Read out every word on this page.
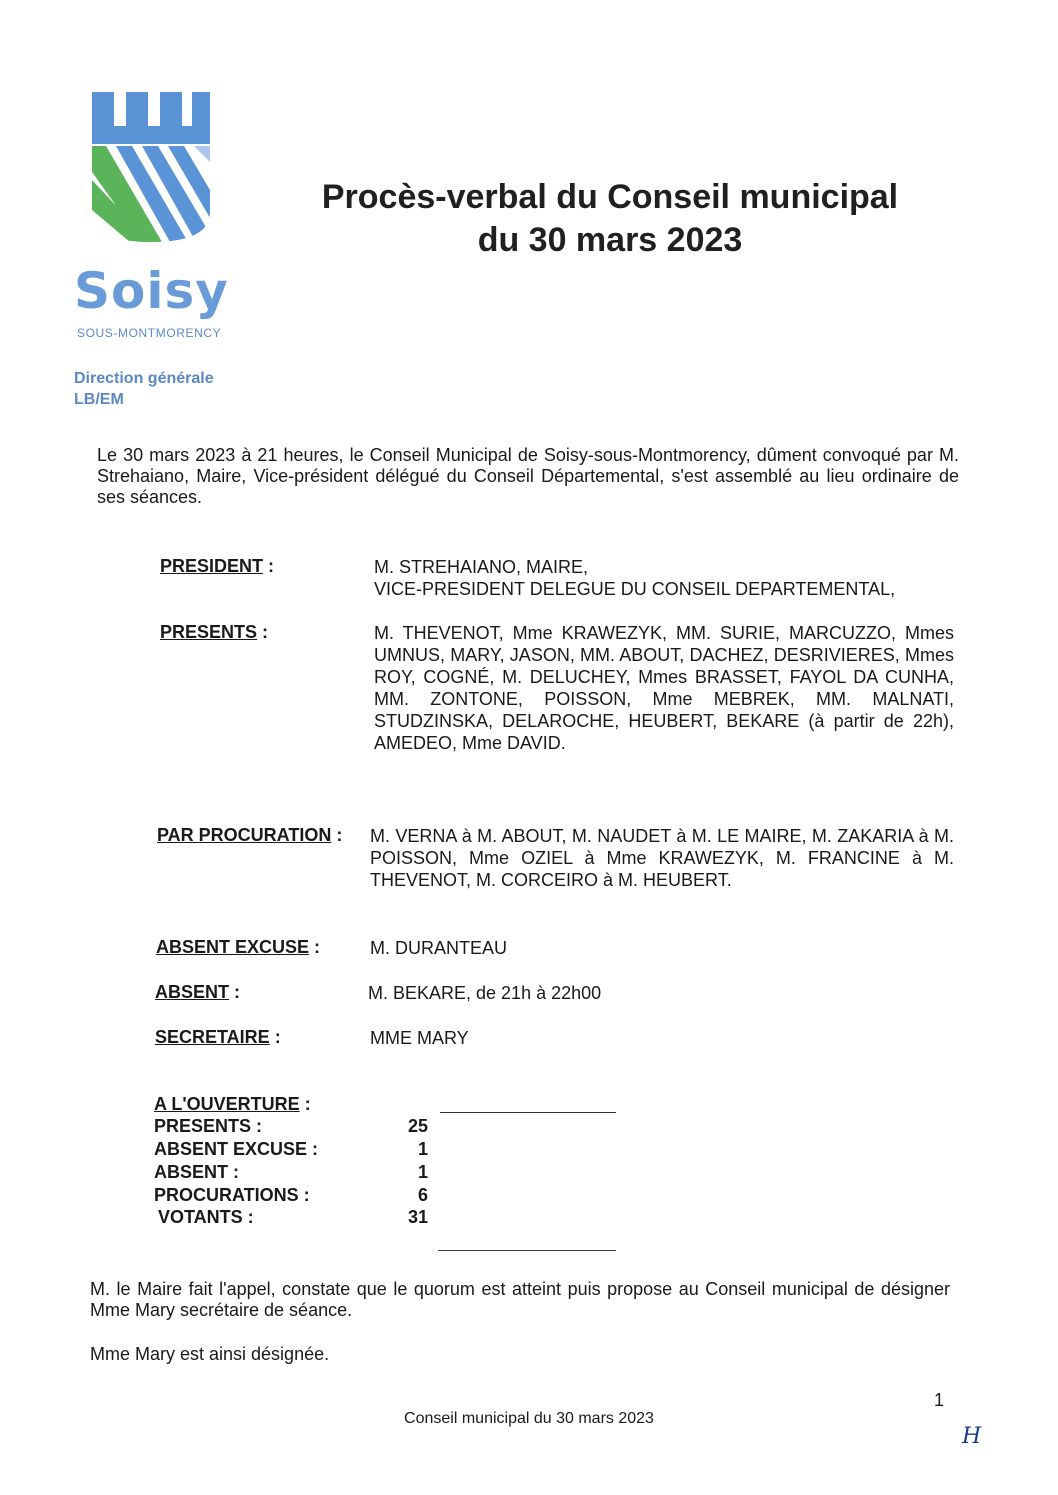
Soisy
SOUS-MONTMORENCY
Direction générale
LB/EM
Procès-verbal du Conseil municipal
du 30 mars 2023
Le 30 mars 2023 à 21 heures, le Conseil Municipal de Soisy-sous-Montmorency, dûment convoqué par M. Strehaiano, Maire, Vice-président délégué du Conseil Départemental, s'est assemblé au lieu ordinaire de ses séances.
PRESIDENT :	M. STREHAIANO, MAIRE,
VICE-PRESIDENT DELEGUE DU CONSEIL DEPARTEMENTAL,
PRESENTS :	M. THEVENOT, Mme KRAWEZYK, MM. SURIE, MARCUZZO, Mmes UMNUS, MARY, JASON, MM. ABOUT, DACHEZ, DESRIVIERES, Mmes ROY, COGNÉ, M. DELUCHEY, Mmes BRASSET, FAYOL DA CUNHA, MM. ZONTONE, POISSON, Mme MEBREK, MM. MALNATI, STUDZINSKA, DELAROCHE, HEUBERT, BEKARE (à partir de 22h), AMEDEO, Mme DAVID.
PAR PROCURATION : M. VERNA à M. ABOUT, M. NAUDET à M. LE MAIRE, M. ZAKARIA à M. POISSON, Mme OZIEL à Mme KRAWEZYK, M. FRANCINE à M. THEVENOT, M. CORCEIRO à M. HEUBERT.
ABSENT EXCUSE :	M. DURANTEAU
ABSENT :	M. BEKARE, de 21h à 22h00
SECRETAIRE :	MME MARY
A L'OUVERTURE :
PRESENTS :	25
ABSENT EXCUSE :	1
ABSENT :	1
PROCURATIONS :	6
VOTANTS :	31
M. le Maire fait l'appel, constate que le quorum est atteint puis propose au Conseil municipal de désigner Mme Mary secrétaire de séance.
Mme Mary est ainsi désignée.
1
Conseil municipal du 30 mars 2023
H
